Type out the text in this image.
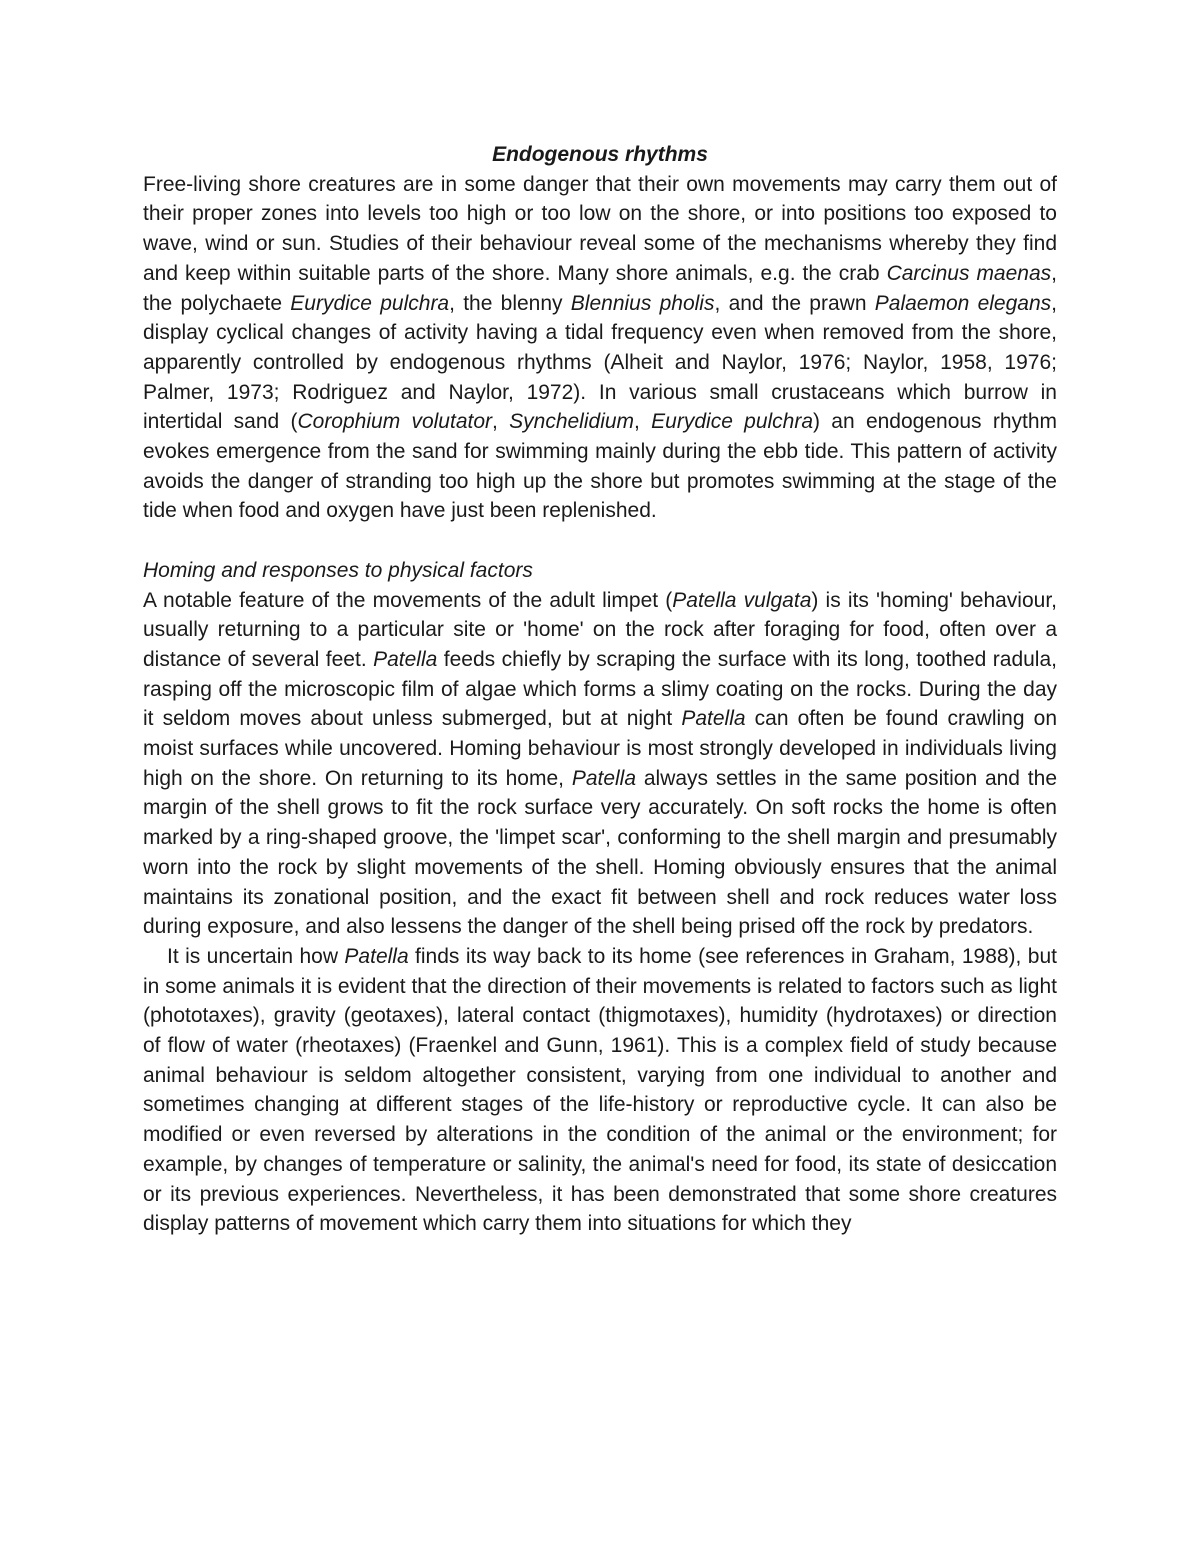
Endogenous rhythms

Free-living shore creatures are in some danger that their own movements may carry them out of their proper zones into levels too high or too low on the shore, or into positions too exposed to wave, wind or sun. Studies of their behaviour reveal some of the mechanisms whereby they find and keep within suitable parts of the shore. Many shore animals, e.g. the crab Carcinus maenas, the polychaete Eurydice pulchra, the blenny Blennius pholis, and the prawn Palaemon elegans, display cyclical changes of activity having a tidal frequency even when removed from the shore, apparently controlled by endogenous rhythms (Alheit and Naylor, 1976; Naylor, 1958, 1976; Palmer, 1973; Rodriguez and Naylor, 1972). In various small crustaceans which burrow in intertidal sand (Corophium volutator, Synchelidium, Eurydice pulchra) an endogenous rhythm evokes emergence from the sand for swimming mainly during the ebb tide. This pattern of activity avoids the danger of stranding too high up the shore but promotes swimming at the stage of the tide when food and oxygen have just been replenished.

Homing and responses to physical factors

A notable feature of the movements of the adult limpet (Patella vulgata) is its 'homing' behaviour, usually returning to a particular site or 'home' on the rock after foraging for food, often over a distance of several feet. Patella feeds chiefly by scraping the surface with its long, toothed radula, rasping off the microscopic film of algae which forms a slimy coating on the rocks. During the day it seldom moves about unless submerged, but at night Patella can often be found crawling on moist surfaces while uncovered. Homing behaviour is most strongly developed in individuals living high on the shore. On returning to its home, Patella always settles in the same position and the margin of the shell grows to fit the rock surface very accurately. On soft rocks the home is often marked by a ring-shaped groove, the 'limpet scar', conforming to the shell margin and presumably worn into the rock by slight movements of the shell. Homing obviously ensures that the animal maintains its zonational position, and the exact fit between shell and rock reduces water loss during exposure, and also lessens the danger of the shell being prised off the rock by predators.

It is uncertain how Patella finds its way back to its home (see references in Graham, 1988), but in some animals it is evident that the direction of their movements is related to factors such as light (phototaxes), gravity (geotaxes), lateral contact (thigmotaxes), humidity (hydrotaxes) or direction of flow of water (rheotaxes) (Fraenkel and Gunn, 1961). This is a complex field of study because animal behaviour is seldom altogether consistent, varying from one individual to another and sometimes changing at different stages of the life-history or reproductive cycle. It can also be modified or even reversed by alterations in the condition of the animal or the environment; for example, by changes of temperature or salinity, the animal's need for food, its state of desiccation or its previous experiences. Nevertheless, it has been demonstrated that some shore creatures display patterns of movement which carry them into situations for which they
